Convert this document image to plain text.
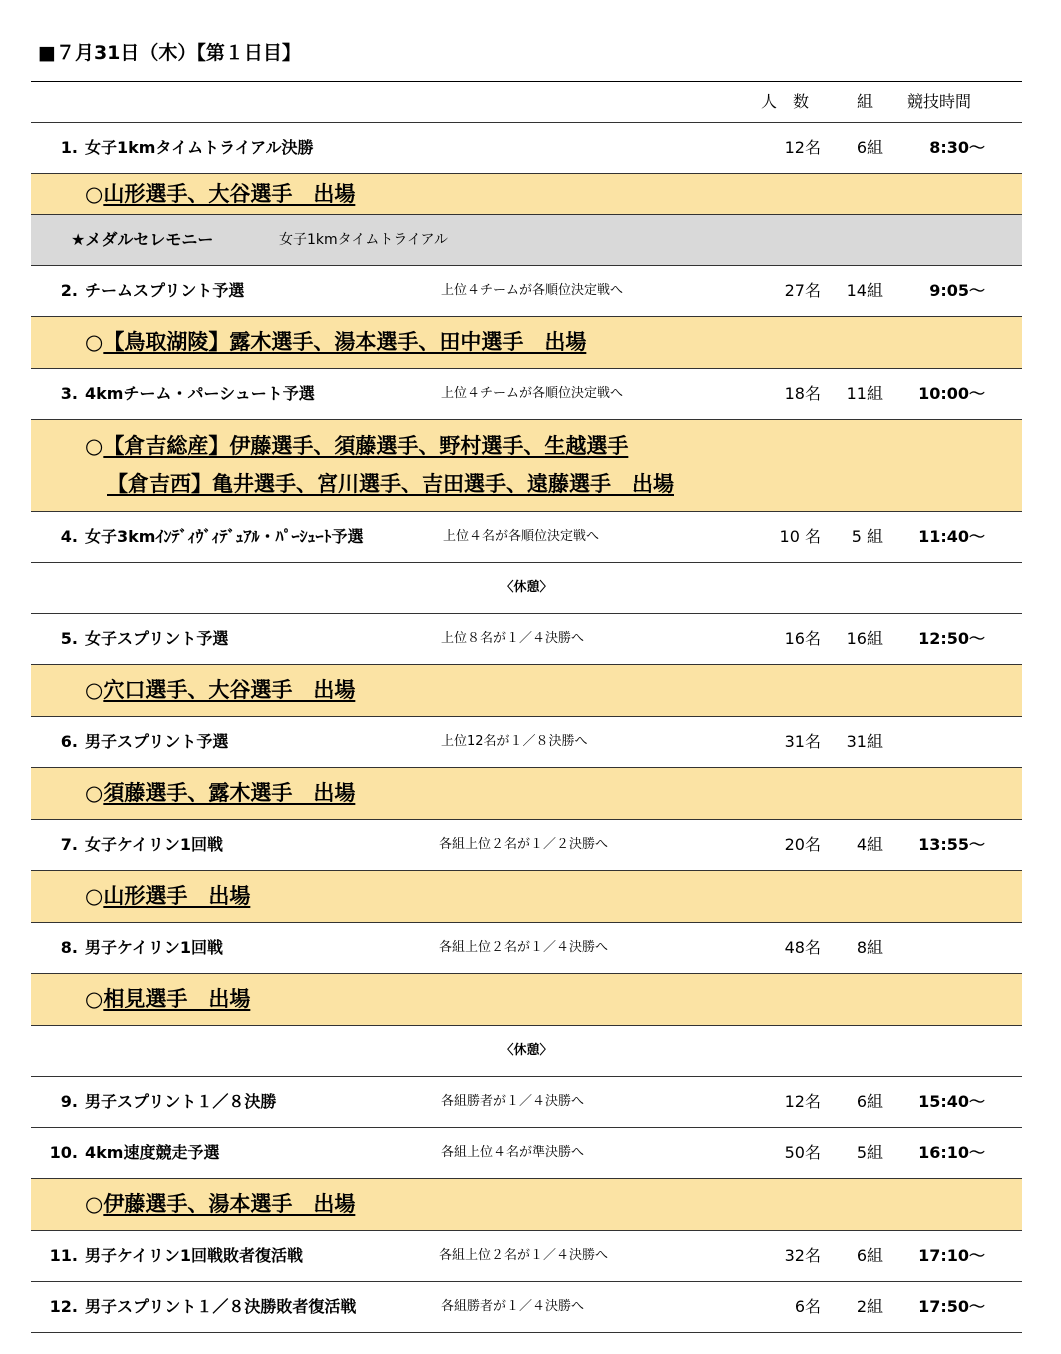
■７月31日（木）【第１日目】
人　数	組 競技時間
1. 女子1kmタイムトライアル決勝	12名	6組	8:30～
○山形選手、大谷選手　出場
★メダルセレモニー	女子1kmタイムトライアル
2. チームスプリント予選	上位４チームが各順位決定戦へ	27名	14組	9:05～
○【鳥取湖陵】露木選手、湯本選手、田中選手　出場
3. 4kmチーム・パーシュート予選	上位４チームが各順位決定戦へ	18名	11組	10:00～
○【倉吉総産】伊藤選手、須藤選手、野村選手、生越選手
【倉吉西】亀井選手、宮川選手、吉田選手、遠藤選手　出場
4. 女子3kmｲﾝﾃﾞｨｳﾞｨﾃﾞｭｱﾙ・ﾊﾟｰｼｭｰﾄ予選	上位４名が各順位決定戦へ	10 名	5 組	11:40～
〈休憩〉
5. 女子スプリント予選	上位８名が１／４決勝へ	16名	16組	12:50～
○穴口選手、大谷選手　出場
6. 男子スプリント予選	上位12名が１／８決勝へ	31名	31組
○須藤選手、露木選手　出場
7. 女子ケイリン1回戦	各組上位２名が１／２決勝へ	20名	4組	13:55～
○山形選手　出場
8. 男子ケイリン1回戦	各組上位２名が１／４決勝へ	48名	8組
○相見選手　出場
〈休憩〉
9. 男子スプリント１／８決勝	各組勝者が１／４決勝へ	12名	6組	15:40～
10. 4km速度競走予選	各組上位４名が準決勝へ	50名	5組	16:10～
○伊藤選手、湯本選手　出場
11. 男子ケイリン1回戦敗者復活戦	各組上位２名が１／４決勝へ	32名	6組	17:10～
12. 男子スプリント１／８決勝敗者復活戦	各組勝者が１／４決勝へ	6名	2組	17:50～
